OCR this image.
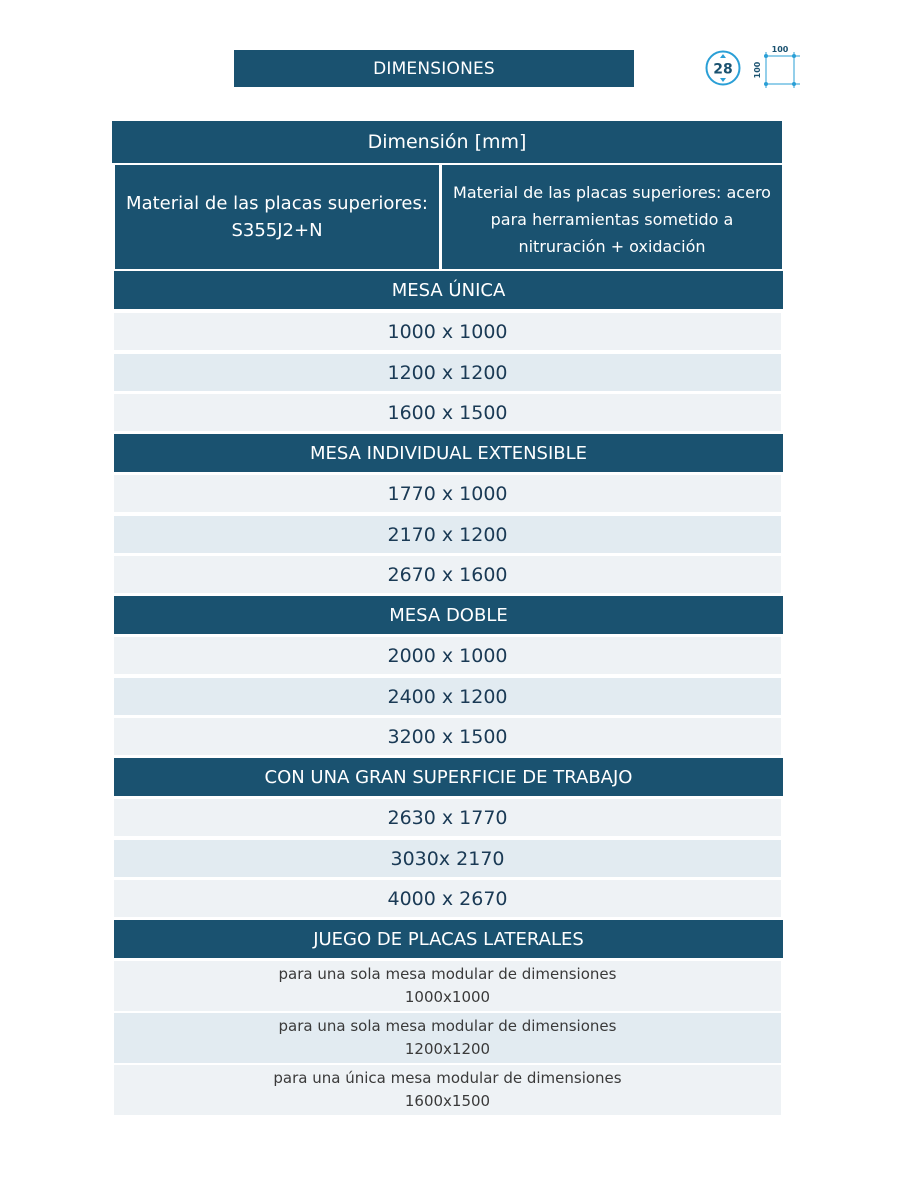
DIMENSIONES	28
100
100
Dimensión [mm]
Material de las placas superiores: S355J2+N
Material de las placas superiores: acero para herramientas sometido a nitruración + oxidación
MESA ÚNICA
1000 x 1000
1200 x 1200
1600 x 1500
MESA INDIVIDUAL EXTENSIBLE
1770 x 1000
2170 x 1200
2670 x 1600
MESA DOBLE
2000 x 1000
2400 x 1200
3200 x 1500
CON UNA GRAN SUPERFICIE DE TRABAJO
2630 x 1770
3030x 2170
4000 x 2670
JUEGO DE PLACAS LATERALES
para una sola mesa modular de dimensiones 1000x1000
para una sola mesa modular de dimensiones 1200x1200
para una única mesa modular de dimensiones 1600x1500
